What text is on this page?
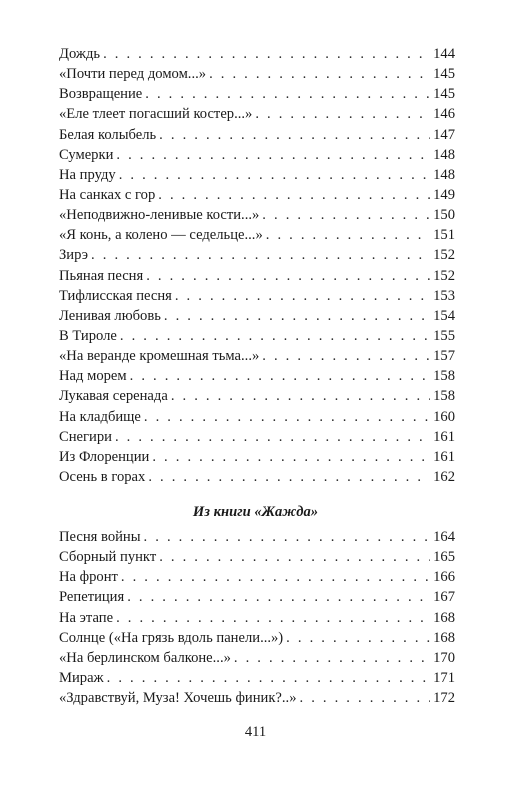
Дождь . . .	144
«Почти перед домом...» . . .	145
Возвращение . . .	145
«Еле тлеет погасший костер...» . . .	146
Белая колыбель . . .	147
Сумерки . . .	148
На пруду . . .	148
На санках с гор . . .	149
«Неподвижно-ленивые кости...» . . .	150
«Я конь, а колено — седельце...» . . .	151
Зирэ . . .	152
Пьяная песня . . .	152
Тифлисская песня . . .	153
Ленивая любовь . . .	154
В Тироле . . .	155
«На веранде кромешная тьма...» . . .	157
Над морем . . .	158
Лукавая серенада . . .	158
На кладбище . . .	160
Снегири . . .	161
Из Флоренции . . .	161
Осень в горах . . .	162
Из книги «Жажда»
Песня войны . . .	164
Сборный пункт . . .	165
На фронт . . .	166
Репетиция . . .	167
На этапе . . .	168
Солнце («На грязь вдоль панели...») . . .	168
«На берлинском балконе...» . . .	170
Мираж . . .	171
«Здравствуй, Муза! Хочешь финик?..» . . .	172
411
